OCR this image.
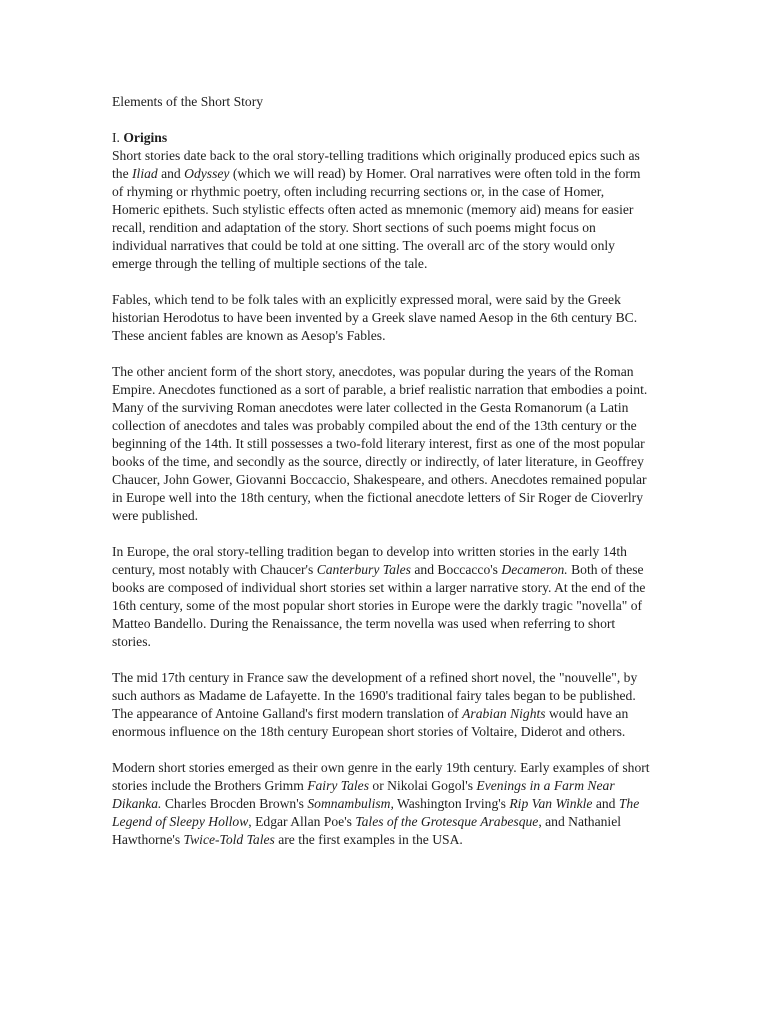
Elements of the Short Story
I. Origins

Short stories date back to the oral story-telling traditions which originally produced epics such as the Iliad and Odyssey (which we will read) by Homer. Oral narratives were often told in the form of rhyming or rhythmic poetry, often including recurring sections or, in the case of Homer, Homeric epithets. Such stylistic effects often acted as mnemonic (memory aid) means for easier recall, rendition and adaptation of the story. Short sections of such poems might focus on individual narratives that could be told at one sitting. The overall arc of the story would only emerge through the telling of multiple sections of the tale.

Fables, which tend to be folk tales with an explicitly expressed moral, were said by the Greek historian Herodotus to have been invented by a Greek slave named Aesop in the 6th century BC. These ancient fables are known as Aesop's Fables.

The other ancient form of the short story, anecdotes, was popular during the years of the Roman Empire. Anecdotes functioned as a sort of parable, a brief realistic narration that embodies a point. Many of the surviving Roman anecdotes were later collected in the Gesta Romanorum (a Latin collection of anecdotes and tales was probably compiled about the end of the 13th century or the beginning of the 14th. It still possesses a two-fold literary interest, first as one of the most popular books of the time, and secondly as the source, directly or indirectly, of later literature, in Geoffrey Chaucer, John Gower, Giovanni Boccaccio, Shakespeare, and others. Anecdotes remained popular in Europe well into the 18th century, when the fictional anecdote letters of Sir Roger de Cioverlry were published.

In Europe, the oral story-telling tradition began to develop into written stories in the early 14th century, most notably with Chaucer's Canterbury Tales and Boccacco's Decameron. Both of these books are composed of individual short stories set within a larger narrative story. At the end of the 16th century, some of the most popular short stories in Europe were the darkly tragic "novella" of Matteo Bandello. During the Renaissance, the term novella was used when referring to short stories.

The mid 17th century in France saw the development of a refined short novel, the "nouvelle", by such authors as Madame de Lafayette. In the 1690's traditional fairy tales began to be published. The appearance of Antoine Galland's first modern translation of Arabian Nights would have an enormous influence on the 18th century European short stories of Voltaire, Diderot and others.

Modern short stories emerged as their own genre in the early 19th century. Early examples of short stories include the Brothers Grimm Fairy Tales or Nikolai Gogol's Evenings in a Farm Near Dikanka. Charles Brocden Brown's Somnambulism, Washington Irving's Rip Van Winkle and The Legend of Sleepy Hollow, Edgar Allan Poe's Tales of the Grotesque Arabesque, and Nathaniel Hawthorne's Twice-Told Tales are the first examples in the USA.
